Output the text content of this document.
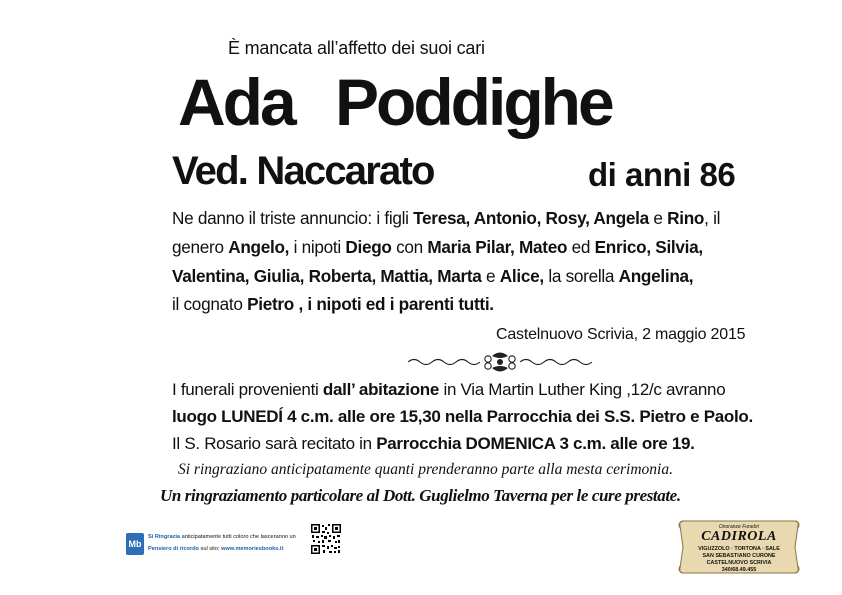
È mancata all’affetto dei suoi cari
Ada Poddighe
Ved. Naccarato	di anni 86
Ne danno il triste annuncio: i figli Teresa, Antonio, Rosy, Angela e Rino, il
genero Angelo, i nipoti Diego con Maria Pilar, Mateo ed Enrico, Silvia,
Valentina, Giulia, Roberta, Mattia, Marta e Alice, la sorella Angelina,
il cognato Pietro , i nipoti ed i parenti tutti.
Castelnuovo Scrivia, 2 maggio 2015
I funerali provenienti dall’ abitazione in Via Martin Luther King ,12/c avranno
luogo LUNEDÍ 4 c.m. alle ore 15,30 nella Parrocchia dei S.S. Pietro e Paolo.
Il S. Rosario sarà recitato in Parrocchia DOMENICA 3 c.m. alle ore 19.
Si ringraziano anticipatamente quanti prenderanno parte alla mesta cerimonia.
Un ringraziamento particolare al Dott. Guglielmo Taverna per le cure prestate.
Mb
Si Ringrazia anticipatamente tutti coloro che lasceranno un
Pensiero di ricordo sul sito: www.memoriesbooks.it
Onoranze Funebri
CADIROLA
VIGUZZOLO · TORTONA · SALE
SAN SEBASTIANO CURONE
CASTELNUOVO SCRIVIA
340/68.49.455
